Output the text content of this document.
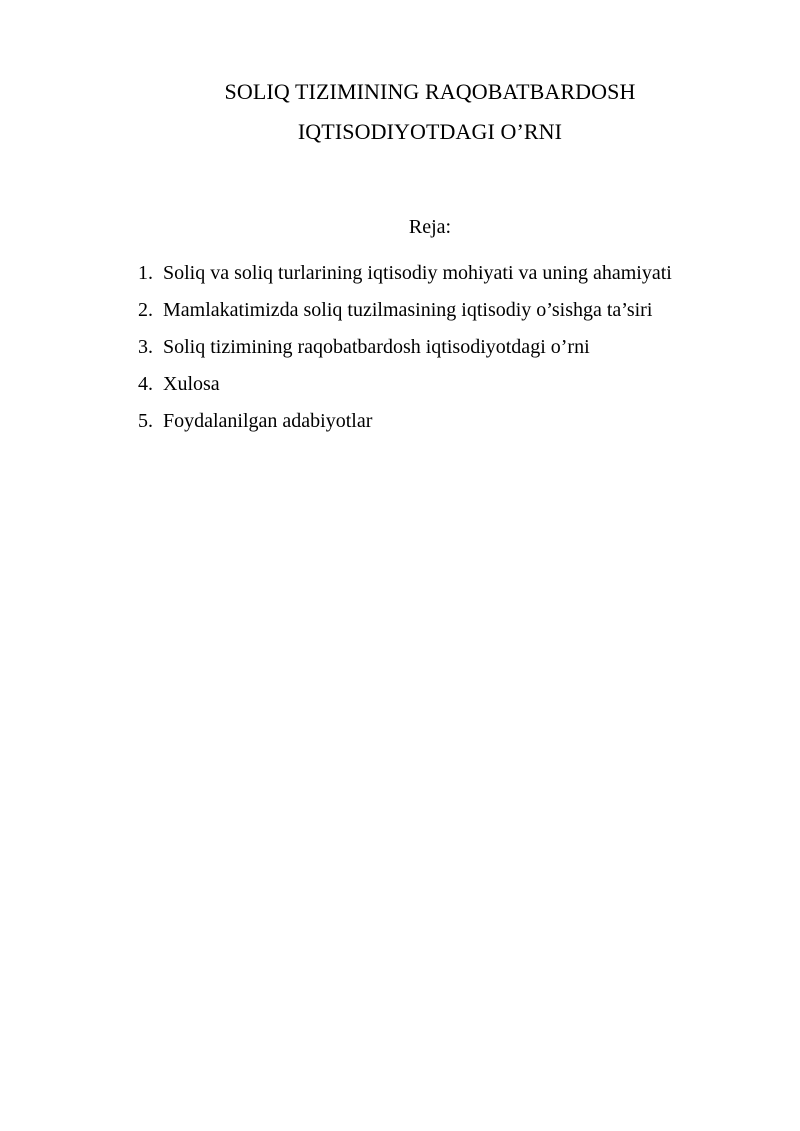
SOLIQ TIZIMINING RAQOBATBARDOSH
IQTISODIYOTDAGI O’RNI
Reja:
1. Soliq va soliq turlarining iqtisodiy mohiyati va uning ahamiyati
2. Mamlakatimizda soliq tuzilmasining iqtisodiy o’sishga ta’siri
3. Soliq tizimining raqobatbardosh iqtisodiyotdagi o’rni
4. Xulosa
5. Foydalanilgan adabiyotlar
